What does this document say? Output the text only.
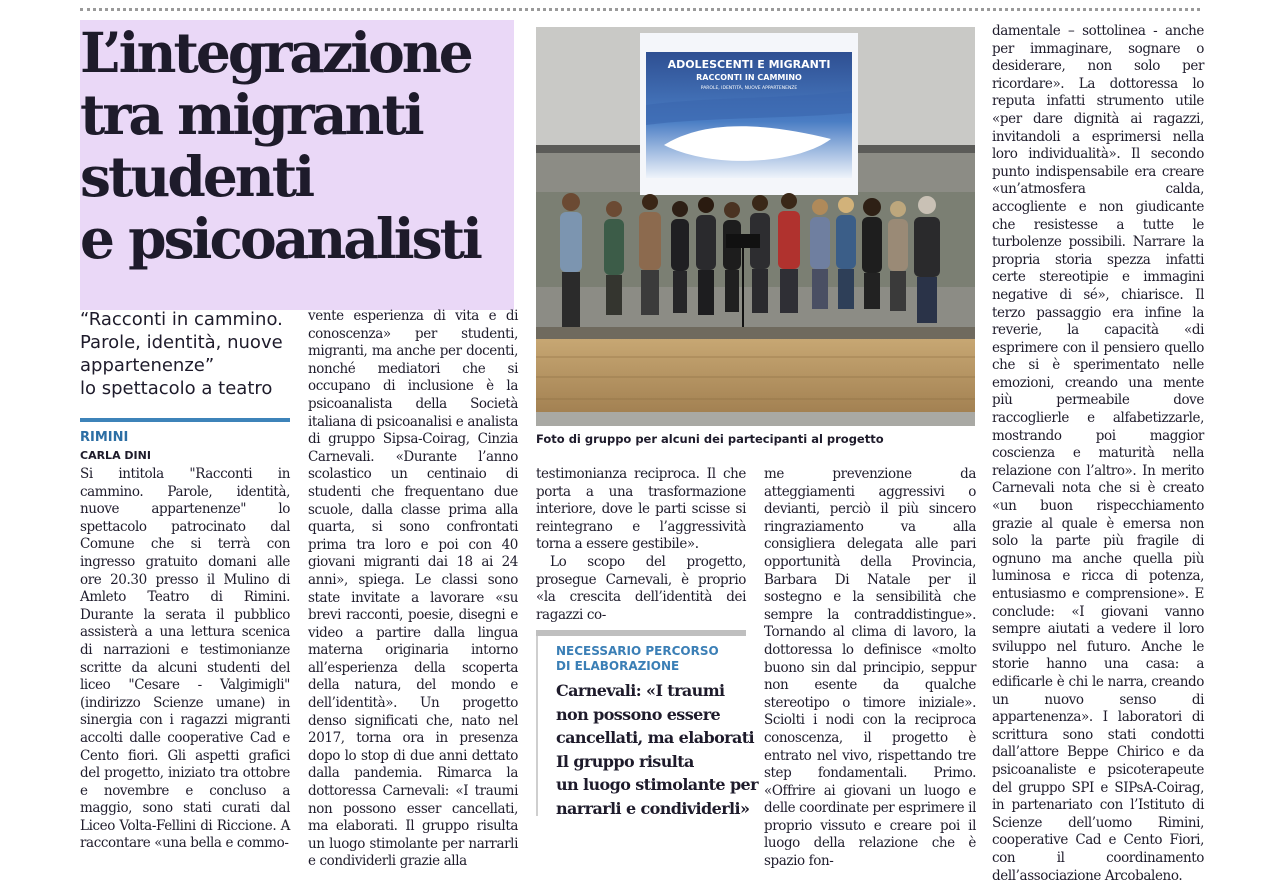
L’integrazione
tra migranti
studenti
e psicoanalisti
“Racconti in cammino.
Parole, identità, nuove
appartenenze”
lo spettacolo a teatro
RIMINI
CARLA DINI

Si intitola "Racconti in cammino. Parole, identità, nuove appartenenze" lo spettacolo patrocinato dal Comune che si terrà con ingresso gratuito domani alle ore 20.30 presso il Mulino di Amleto Teatro di Rimini. Durante la serata il pubblico assisterà a una lettura scenica di narrazioni e testimonianze scritte da alcuni studenti del liceo "Cesare - Valgimigli" (indirizzo Scienze umane) in sinergia con i ragazzi migranti accolti dalle cooperative Cad e Cento fiori. Gli aspetti grafici del progetto, iniziato tra ottobre e novembre e concluso a maggio, sono stati curati dal Liceo Volta-Fellini di Riccione. A raccontare «una bella e commo-

vente esperienza di vita e di conoscenza» per studenti, migranti, ma anche per docenti, nonché mediatori che si occupano di inclusione è la psicoanalista della Società italiana di psicoanalisi e analista di gruppo Sipsa-Coirag, Cinzia Carnevali. «Durante l’anno scolastico un centinaio di studenti che frequentano due scuole, dalla classe prima alla quarta, si sono confrontati prima tra loro e poi con 40 giovani migranti dai 18 ai 24 anni», spiega. Le classi sono state invitate a lavorare «su brevi racconti, poesie, disegni e video a partire dalla lingua materna originaria intorno all’esperienza della scoperta della natura, del mondo e dell’identità». Un progetto denso significati che, nato nel 2017, torna ora in presenza dopo lo stop di due anni dettato dalla pandemia. Rimarca la dottoressa Carnevali: «I traumi non possono esser cancellati, ma elaborati. Il gruppo risulta un luogo stimolante per narrarli e condividerli grazie alla

testimonianza reciproca. Il che porta a una trasformazione interiore, dove le parti scisse si reintegrano e l’aggressività torna a essere gestibile».

Lo scopo del progetto, prosegue Carnevali, è proprio «la crescita dell’identità dei ragazzi co-

me prevenzione da atteggiamenti aggressivi o devianti, perciò il più sincero ringraziamento va alla consigliera delegata alle pari opportunità della Provincia, Barbara Di Natale per il sostegno e la sensibilità che sempre la contraddistingue». Tornando al clima di lavoro, la dottoressa lo definisce «molto buono sin dal principio, seppur non esente da qualche stereotipo o timore iniziale». Sciolti i nodi con la reciproca conoscenza, il progetto è entrato nel vivo, rispettando tre step fondamentali. Primo. «Offrire ai giovani un luogo e delle coordinate per esprimere il proprio vissuto e creare poi il luogo della relazione che è spazio fon-

damentale – sottolinea - anche per immaginare, sognare o desiderare, non solo per ricordare». La dottoressa lo reputa infatti strumento utile «per dare dignità ai ragazzi, invitandoli a esprimersi nella loro individualità». Il secondo punto indispensabile era creare «un’atmosfera calda, accogliente e non giudicante che resistesse a tutte le turbolenze possibili. Narrare la propria storia spezza infatti certe stereotipie e immagini negative di sé», chiarisce. Il terzo passaggio era infine la reverie, la capacità «di esprimere con il pensiero quello che si è sperimentato nelle emozioni, creando una mente più permeabile dove raccoglierle e alfabetizzarle, mostrando poi maggior coscienza e maturità nella relazione con l’altro». In merito Carnevali nota che si è creato «un buon rispecchiamento grazie al quale è emersa non solo la parte più fragile di ognuno ma anche quella più luminosa e ricca di potenza, entusiasmo e comprensione». E conclude: «I giovani vanno sempre aiutati a vedere il loro sviluppo nel futuro. Anche le storie hanno una casa: a edificarle è chi le narra, creando un nuovo senso di appartenenza». I laboratori di scrittura sono stati condotti dall’attore Beppe Chirico e da psicoanaliste e psicoterapeute del gruppo SPI e SIPsA-Coirag, in partenariato con l’Istituto di Scienze dell’uomo Rimini, cooperative Cad e Cento Fiori, con il coordinamento dell’associazione Arcobaleno.

ADOLESCENTI E MIGRANTI
RACCONTI IN CAMMINO
PAROLE, IDENTITÀ, NUOVE APPARTENENZE
Foto di gruppo per alcuni dei partecipanti al progetto
NECESSARIO PERCORSO
DI ELABORAZIONE
Carnevali: «I traumi
non possono essere
cancellati, ma elaborati
Il gruppo risulta
un luogo stimolante per
narrarli e condividerli»
